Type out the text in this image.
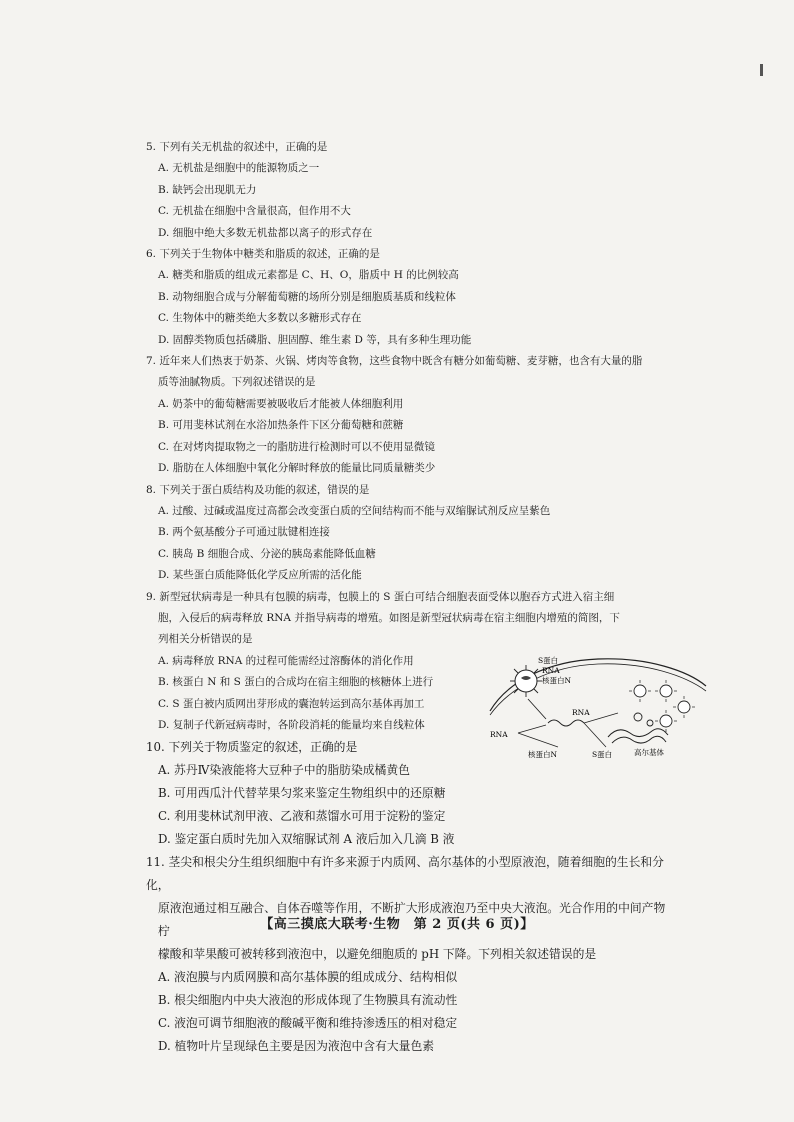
5. 下列有关无机盐的叙述中，正确的是
A. 无机盐是细胞中的能源物质之一
B. 缺钙会出现肌无力
C. 无机盐在细胞中含量很高，但作用不大
D. 细胞中绝大多数无机盐都以离子的形式存在
6. 下列关于生物体中糖类和脂质的叙述，正确的是
A. 糖类和脂质的组成元素都是 C、H、O，脂质中 H 的比例较高
B. 动物细胞合成与分解葡萄糖的场所分别是细胞质基质和线粒体
C. 生物体中的糖类绝大多数以多糖形式存在
D. 固醇类物质包括磷脂、胆固醇、维生素 D 等，具有多种生理功能
7. 近年来人们热衷于奶茶、火锅、烤肉等食物，这些食物中既含有糖分如葡萄糖、麦芽糖，也含有大量的脂
质等油腻物质。下列叙述错误的是
A. 奶茶中的葡萄糖需要被吸收后才能被人体细胞利用
B. 可用斐林试剂在水浴加热条件下区分葡萄糖和蔗糖
C. 在对烤肉提取物之一的脂肪进行检测时可以不使用显微镜
D. 脂肪在人体细胞中氧化分解时释放的能量比同质量糖类少
8. 下列关于蛋白质结构及功能的叙述，错误的是
A. 过酸、过碱或温度过高都会改变蛋白质的空间结构而不能与双缩脲试剂反应呈紫色
B. 两个氨基酸分子可通过肽键相连接
C. 胰岛 B 细胞合成、分泌的胰岛素能降低血糖
D. 某些蛋白质能降低化学反应所需的活化能
9. 新型冠状病毒是一种具有包膜的病毒，包膜上的 S 蛋白可结合细胞表面受体以胞吞方式进入宿主细
胞，入侵后的病毒释放 RNA 并指导病毒的增殖。如图是新型冠状病毒在宿主细胞内增殖的简图，下
列相关分析错误的是
A. 病毒释放 RNA 的过程可能需经过溶酶体的消化作用
B. 核蛋白 N 和 S 蛋白的合成均在宿主细胞的核糖体上进行
C. S 蛋白被内质网出芽形成的囊泡转运到高尔基体再加工
D. 复制子代新冠病毒时，各阶段消耗的能量均来自线粒体
S蛋白
RNA
核蛋白N
RNA
RNA
核蛋白N	S蛋白	高尔基体
10. 下列关于物质鉴定的叙述，正确的是
A. 苏丹Ⅳ染液能将大豆种子中的脂肪染成橘黄色
B. 可用西瓜汁代替苹果匀浆来鉴定生物组织中的还原糖
C. 利用斐林试剂甲液、乙液和蒸馏水可用于淀粉的鉴定
D. 鉴定蛋白质时先加入双缩脲试剂 A 液后加入几滴 B 液
11. 茎尖和根尖分生组织细胞中有许多来源于内质网、高尔基体的小型原液泡，随着细胞的生长和分化，
原液泡通过相互融合、自体吞噬等作用，不断扩大形成液泡乃至中央大液泡。光合作用的中间产物柠
檬酸和苹果酸可被转移到液泡中，以避免细胞质的 pH 下降。下列相关叙述错误的是
A. 液泡膜与内质网膜和高尔基体膜的组成成分、结构相似
B. 根尖细胞内中央大液泡的形成体现了生物膜具有流动性
C. 液泡可调节细胞液的酸碱平衡和维持渗透压的相对稳定
D. 植物叶片呈现绿色主要是因为液泡中含有大量色素
【高三摸底大联考·生物　第 2 页(共 6 页)】
